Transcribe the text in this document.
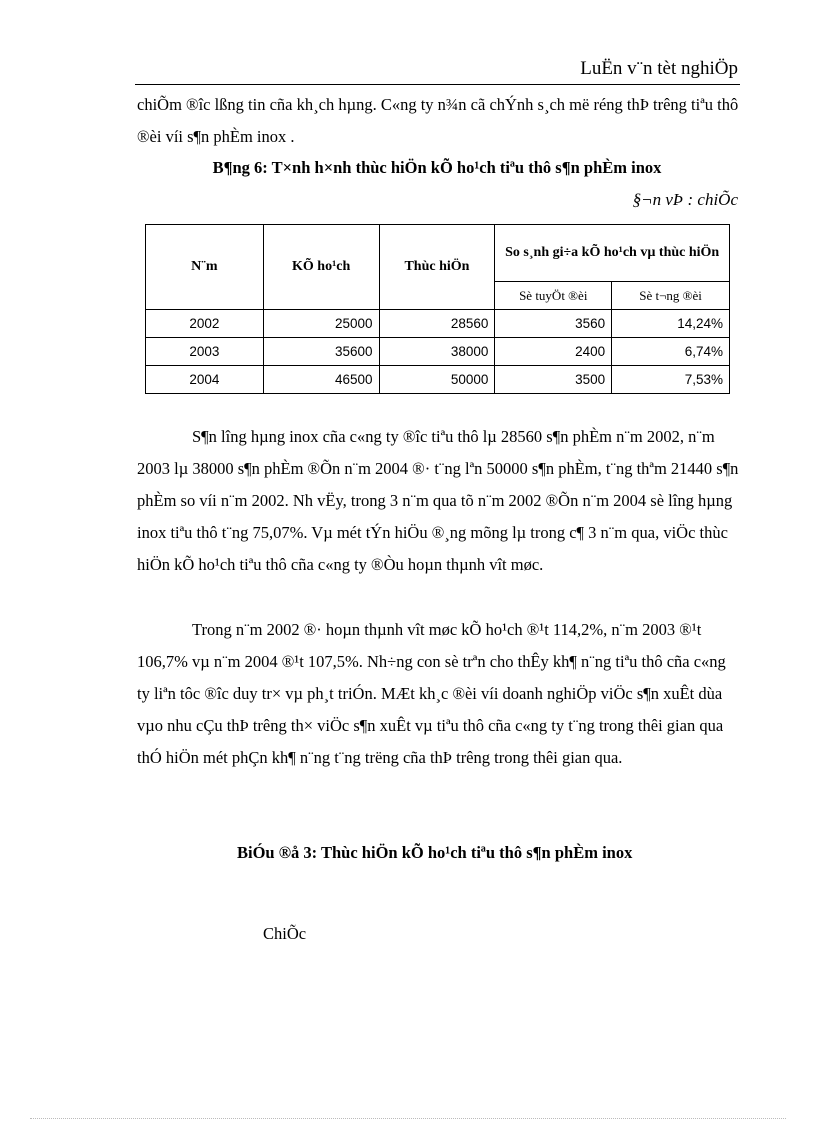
LuËn v¨n tèt nghiÖp

chiÕm ®îc lßng tin cña kh¸ch hµng. C«ng ty n¾n cã chÝnh s¸ch më réng thÞ trêng tiªu thô ®èi víi s¶n phÈm inox .

B¶ng 6: T×nh h×nh thùc hiÖn kÕ ho¹ch tiªu thô s¶n phÈm inox
§¬n vÞ : chiÕc
N¨m	KÕ ho¹ch	Thùc hiÖn	So s¸nh gi÷a kÕ ho¹ch vµ thùc hiÖn	
			Sè tuyÖt ®èi	Sè t¬ng ®èi
2002	25000	28560	3560	14,24%
2003	35600	38000	2400	6,74%
2004	46500	50000	3500	7,53%

S¶n lîng hµng inox cña c«ng ty ®îc tiªu thô lµ 28560 s¶n phÈm n¨m 2002, n¨m 2003 lµ 38000 s¶n phÈm ®Õn n¨m 2004 ®· t¨ng lªn 50000 s¶n phÈm, t¨ng thªm 21440 s¶n phÈm so víi n¨m 2002. Nh vËy, trong 3 n¨m qua tõ n¨m 2002 ®Õn n¨m 2004 sè lîng hµng inox tiªu thô t¨ng 75,07%. Vµ mét tÝn hiÖu ®¸ng mõng lµ trong c¶ 3 n¨m qua, viÖc thùc hiÖn kÕ ho¹ch tiªu thô cña c«ng ty ®Òu hoµn thµnh vît møc.

Trong n¨m 2002 ®· hoµn thµnh vît møc kÕ ho¹ch ®¹t 114,2%, n¨m 2003 ®¹t 106,7% vµ n¨m 2004 ®¹t 107,5%. Nh÷ng con sè trªn cho thÊy kh¶ n¨ng tiªu thô cña c«ng ty liªn tôc ®îc duy tr× vµ ph¸t triÓn. MÆt kh¸c ®èi víi doanh nghiÖp viÖc s¶n xuÊt dùa vµo nhu cÇu thÞ trêng th× viÖc s¶n xuÊt vµ tiªu thô cña c«ng ty t¨ng trong thêi gian qua thÓ hiÖn mét phÇn kh¶ n¨ng t¨ng trëng cña thÞ trêng trong thêi gian qua.

BiÓu ®å 3: Thùc hiÖn kÕ ho¹ch tiªu thô s¶n phÈm inox
ChiÕc
